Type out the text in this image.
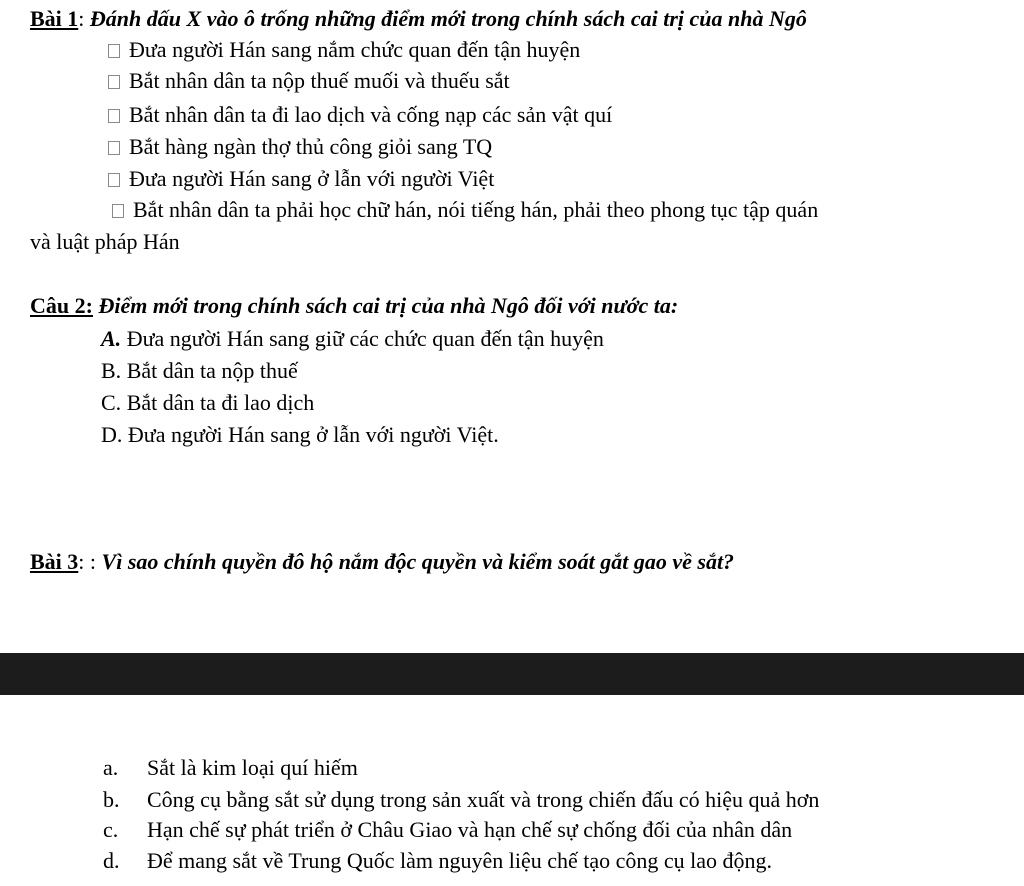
Bài 1: Đánh dấu X vào ô trống những điểm mới trong chính sách cai trị của nhà Ngô
Đưa người Hán sang nắm chức quan đến tận huyện
Bắt nhân dân ta nộp thuế muối và thuếu sắt
Bắt nhân dân ta đi lao dịch và cống nạp các sản vật quí
Bắt hàng ngàn thợ thủ công giỏi sang TQ
Đưa người Hán sang ở lẫn với người Việt
Bắt nhân dân ta phải học chữ hán, nói tiếng hán, phải theo phong tục tập quán
và luật pháp Hán
Câu 2: Điểm mới trong chính sách cai trị của nhà Ngô đối với nước ta:
A. Đưa người Hán sang giữ các chức quan đến tận huyện
B. Bắt dân ta nộp thuế
C. Bắt dân ta đi lao dịch
D. Đưa người Hán sang ở lẫn với người Việt.
Bài 3: : Vì sao chính quyền đô hộ nắm độc quyền và kiểm soát gắt gao về sắt?
a. Sắt là kim loại quí hiếm
b. Công cụ bằng sắt sử dụng trong sản xuất và trong chiến đấu có hiệu quả hơn
c. Hạn chế sự phát triển ở Châu Giao và hạn chế sự chống đối của nhân dân
d. Để mang sắt về Trung Quốc làm nguyên liệu chế tạo công cụ lao động.
